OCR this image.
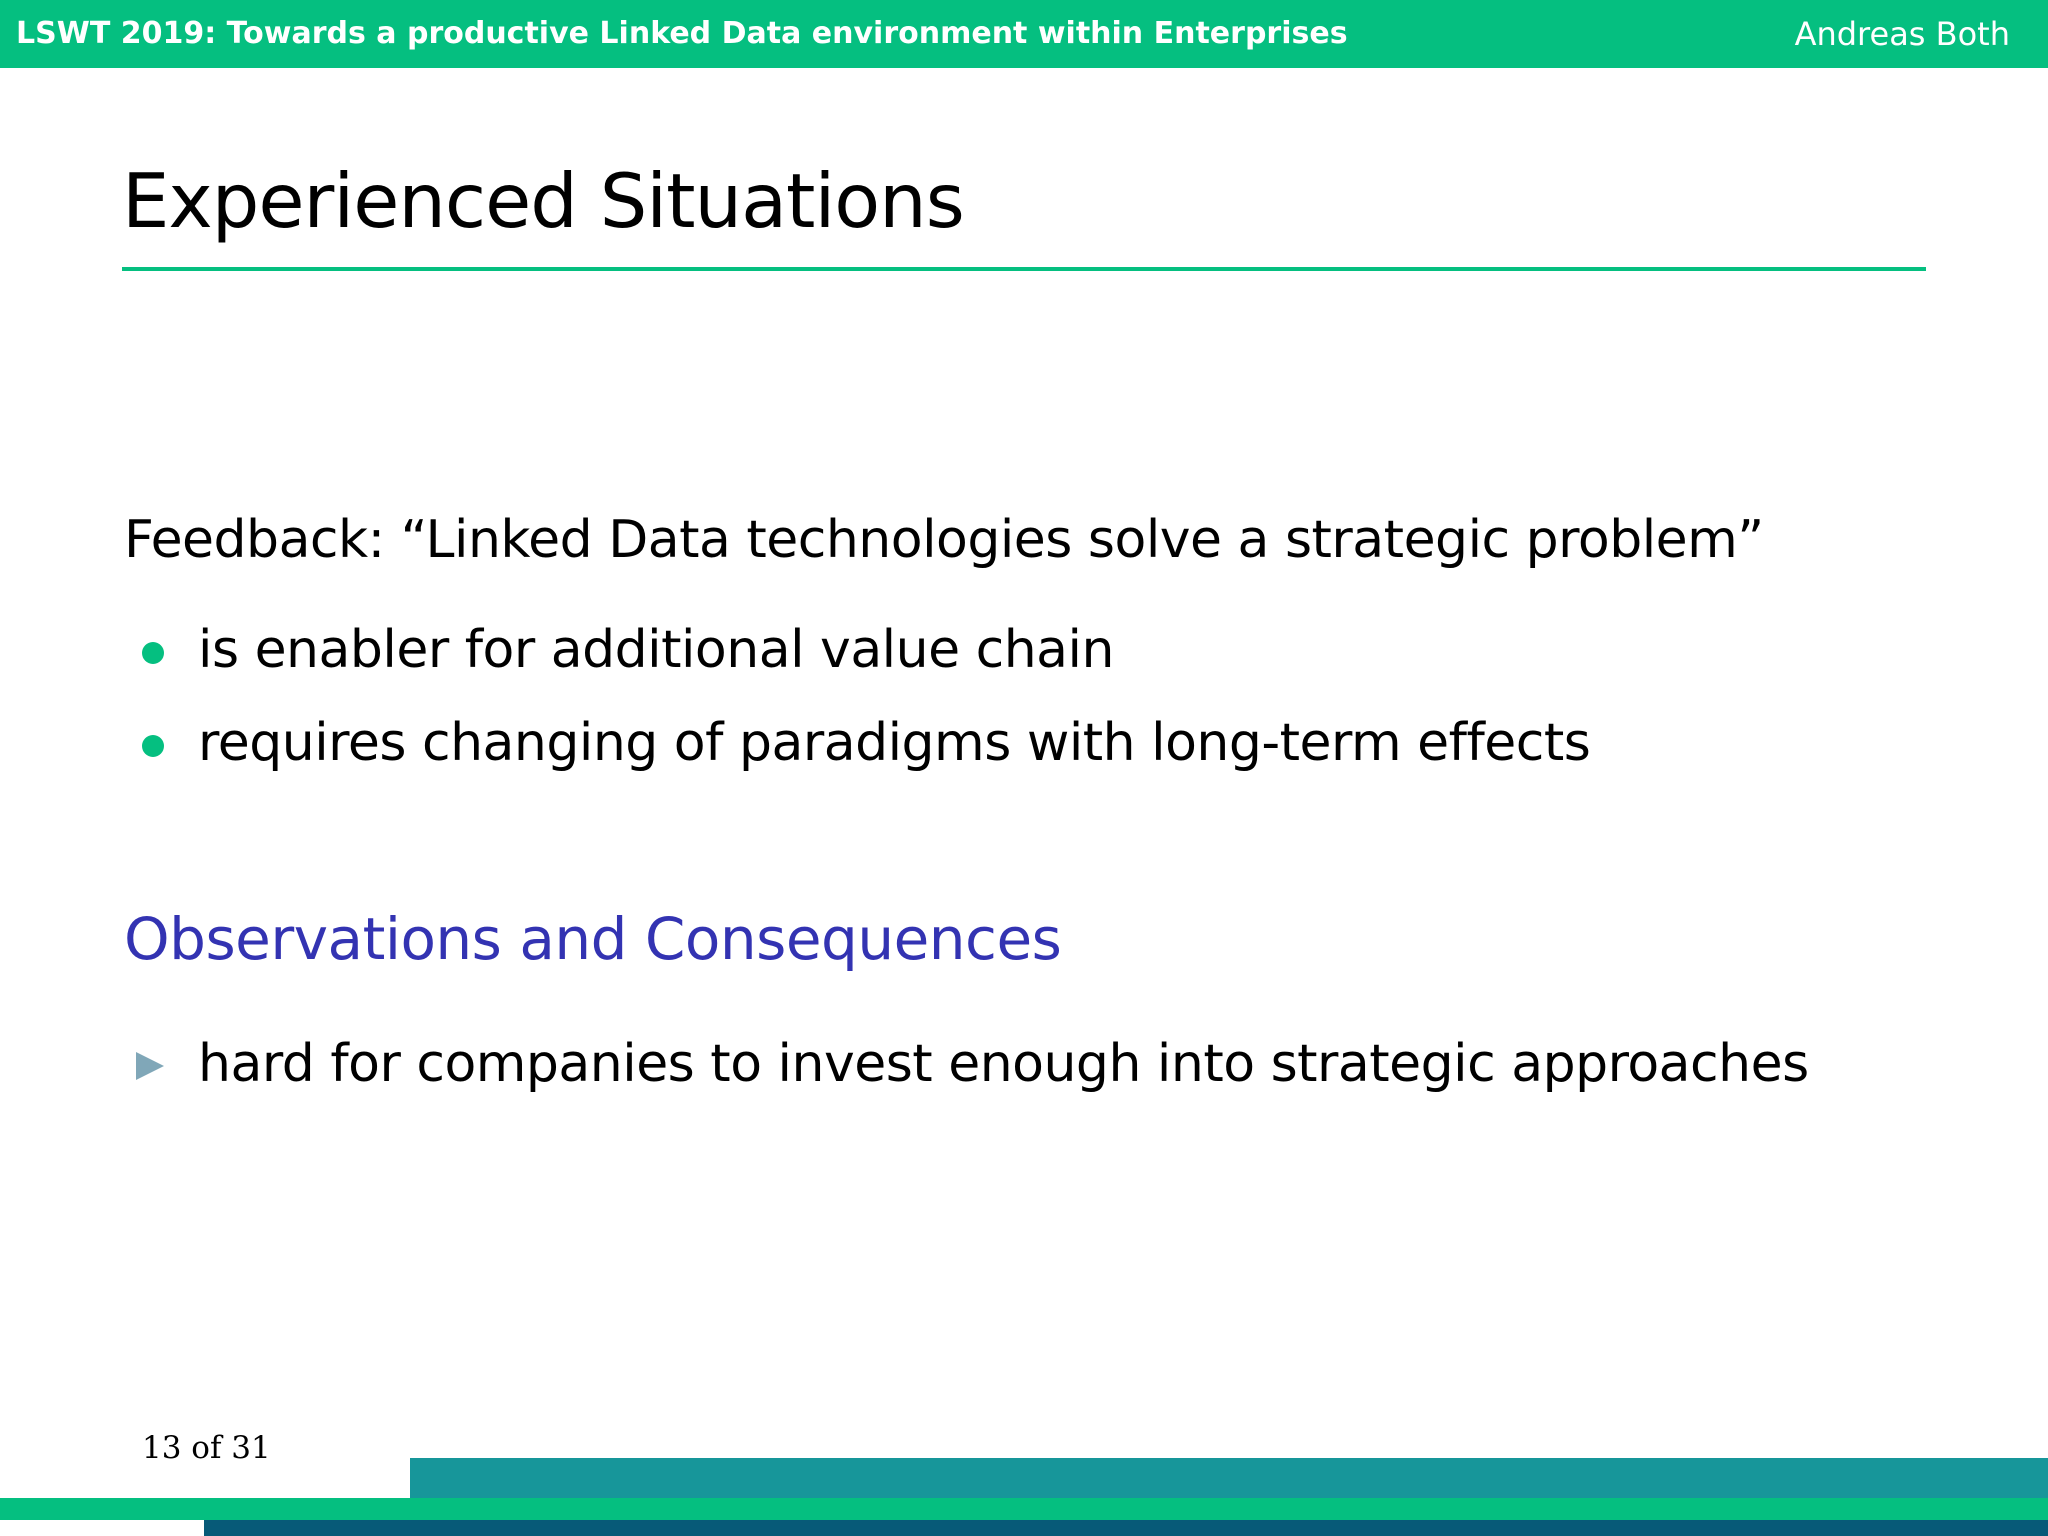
LSWT 2019: Towards a productive Linked Data environment within Enterprises	Andreas Both
Experienced Situations
Feedback: “Linked Data technologies solve a strategic problem”
is enabler for additional value chain
requires changing of paradigms with long-term effects
Observations and Consequences
hard for companies to invest enough into strategic approaches
13 of 31
